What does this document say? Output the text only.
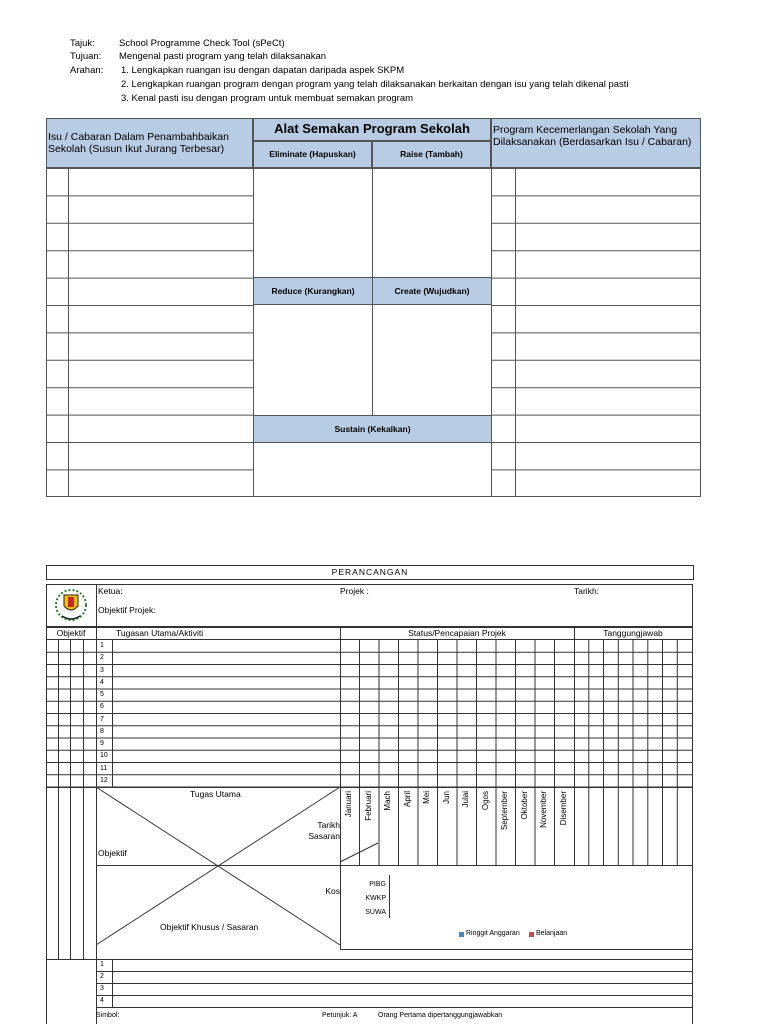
Tajuk:	School Programme Check Tool (sPeCt)
Tujuan: Mengenal pasti program yang telah dilaksanakan
Arahan: 1. Lengkapkan ruangan isu dengan dapatan daripada aspek SKPM
2. Lengkapkan ruangan program dengan program yang telah dilaksanakan berkaitan dengan isu yang telah dikenal pasti
3. Kenal pasti isu dengan program untuk membuat semakan program
Isu / Cabaran Dalam Penambahbaikan Sekolah (Susun Ikut Jurang Terbesar)
Alat Semakan Program Sekolah
Eliminate (Hapuskan)	Raise (Tambah)
Program Kecemerlangan Sekolah Yang Dilaksanakan (Berdasarkan Isu / Cabaran)
Reduce (Kurangkan)	Create (Wujudkan)
Sustain (Kekalkan)
PERANCANGAN
Ketua:	Projek :	Tarikh:
Objektif Projek:
Objektif	Tugasan Utama/Aktiviti	Status/Pencapaian Projek	Tanggungjawab
1
2
3
4
5
6
7
8
9
10
11
12
Januari Februari Mach April Mei Jun Julai Ogos September Oktober November Disember
Tugas Utama
Tarikh
Sasaran
Objektif
Kos
Objektif Khusus / Sasaran
PIBG
KWKP
SUWA
Ringgit Anggaran Belanjaan
1
2
3
4
Simbol:	Petunjuk: A	Orang Pertama dipertanggungjawabkan
